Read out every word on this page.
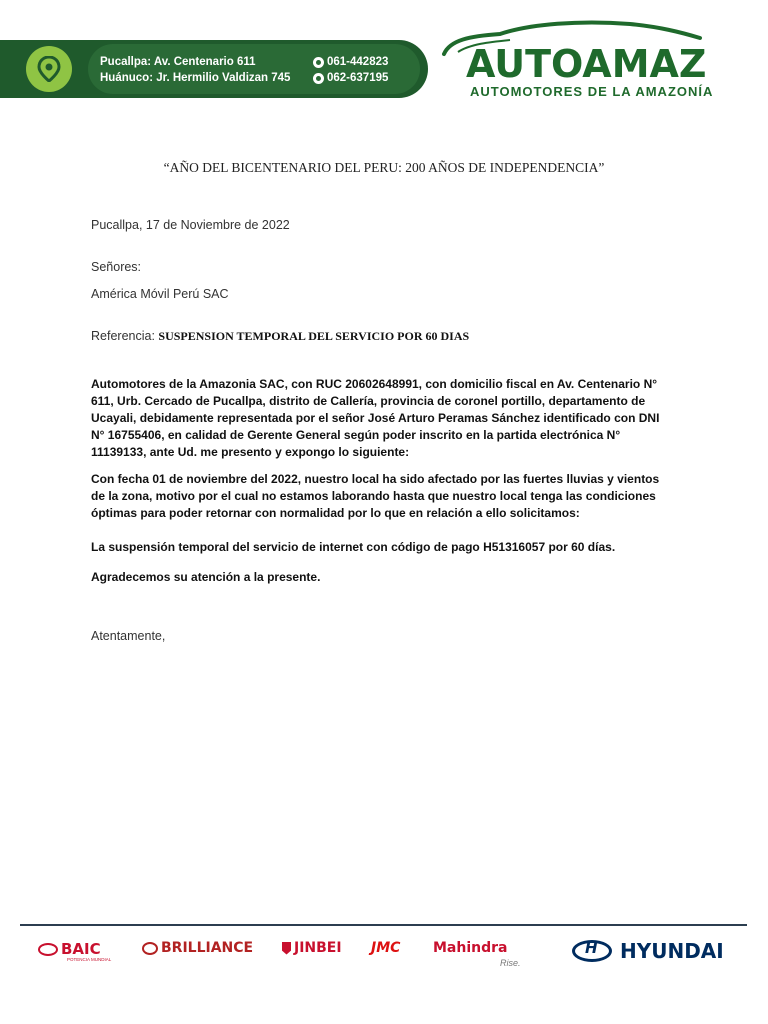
Pucallpa: Av. Centenario 611
Huánuco: Jr. Hermilio Valdizan 745
061-442823
062-637195 AUTOAMAZ
AUTOMOTORES DE LA AMAZONÍA
“AÑO DEL BICENTENARIO DEL PERU: 200 AÑOS DE INDEPENDENCIA”
Pucallpa, 17 de Noviembre de 2022
Señores:
América Móvil Perú SAC
Referencia: SUSPENSION TEMPORAL DEL SERVICIO POR 60 DIAS
Automotores de la Amazonia SAC, con RUC 20602648991, con domicilio fiscal en Av. Centenario N° 611, Urb. Cercado de Pucallpa, distrito de Callería, provincia de coronel portillo, departamento de Ucayali, debidamente representada por el señor José Arturo Peramas Sánchez identificado con DNI N° 16755406, en calidad de Gerente General según poder inscrito en la partida electrónica N° 11139133, ante Ud. me presento y expongo lo siguiente:
Con fecha 01 de noviembre del 2022, nuestro local ha sido afectado por las fuertes lluvias y vientos de la zona, motivo por el cual no estamos laborando hasta que nuestro local tenga las condiciones óptimas para poder retornar con normalidad por lo que en relación a ello solicitamos:
La suspensión temporal del servicio de internet con código de pago H51316057 por 60 días.
Agradecemos su atención a la presente.
Atentamente,
BAIC
POTENCIA MUNDIAL
BRILLIANCE	JINBEI JMC Mahindra
Rise.
H	HYUNDAI
